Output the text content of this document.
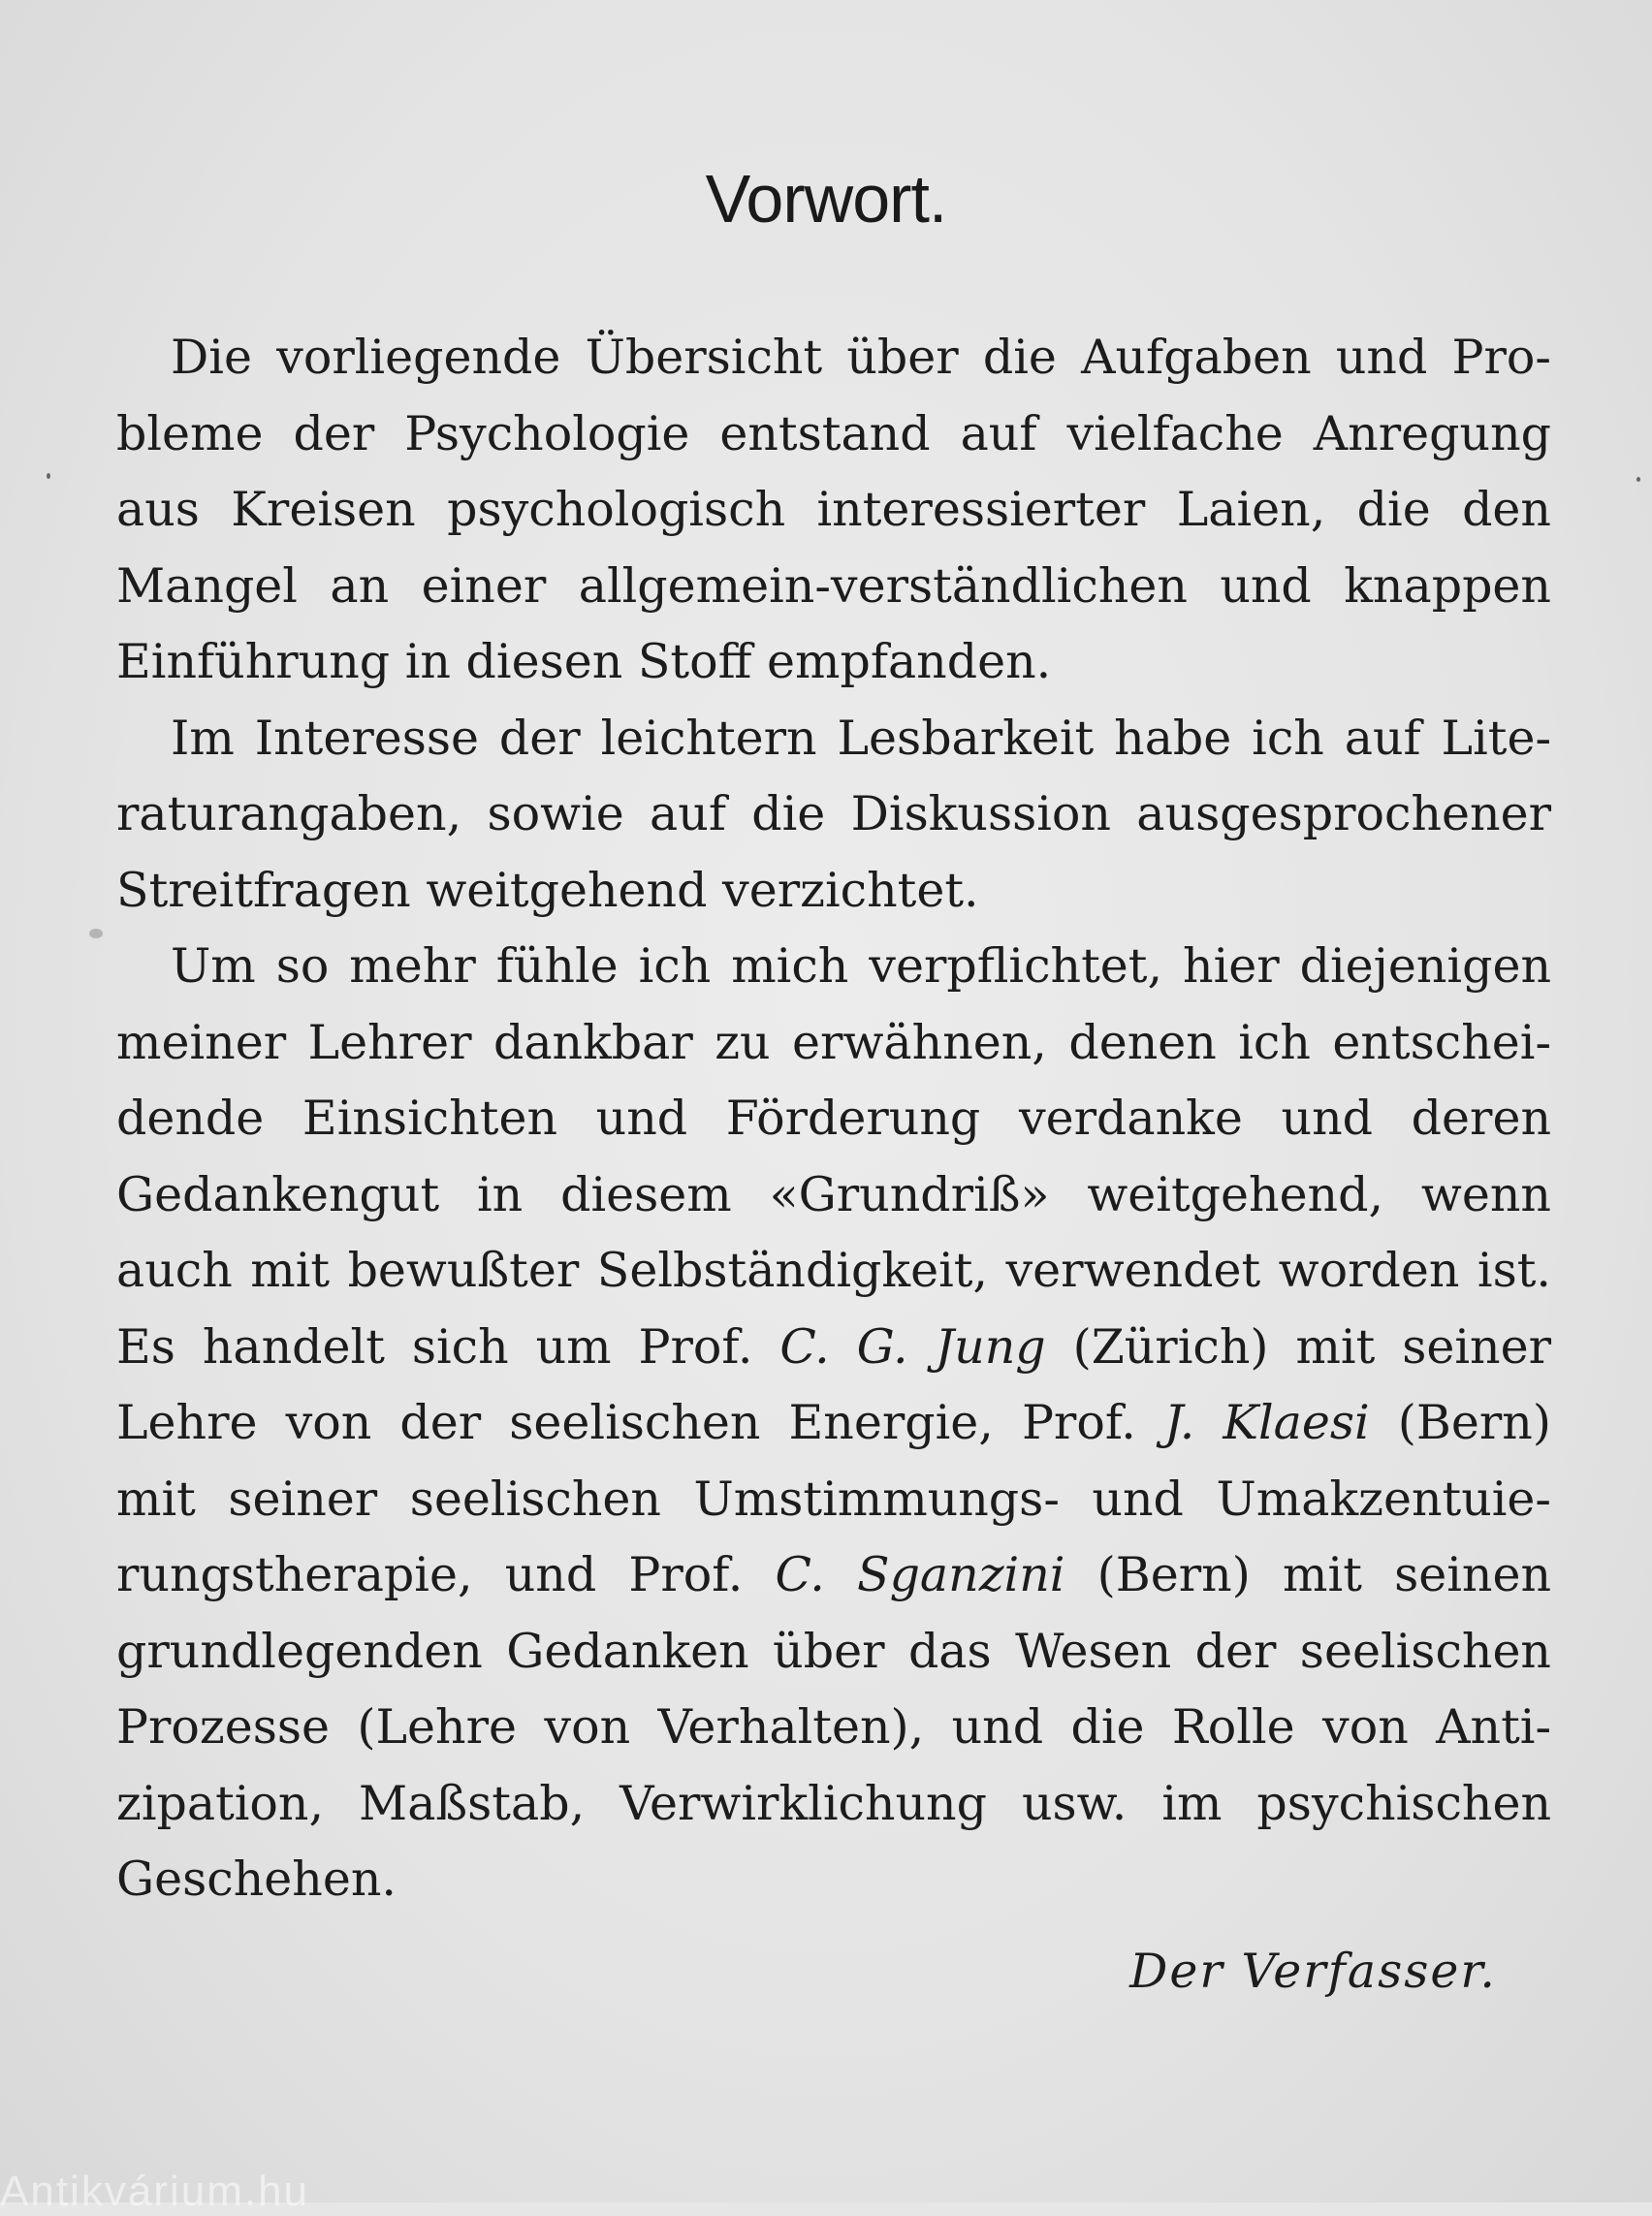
Vorwort.
Die vorliegende Übersicht über die Aufgaben und Pro-
bleme der Psychologie entstand auf vielfache Anregung
aus Kreisen psychologisch interessierter Laien, die den
Mangel an einer allgemein-verständlichen und knappen
Einführung in diesen Stoff empfanden.
Im Interesse der leichtern Lesbarkeit habe ich auf Lite-
raturangaben, sowie auf die Diskussion ausgesprochener
Streitfragen weitgehend verzichtet.
Um so mehr fühle ich mich verpflichtet, hier diejenigen
meiner Lehrer dankbar zu erwähnen, denen ich entschei-
dende Einsichten und Förderung verdanke und deren
Gedankengut in diesem «Grundriß» weitgehend, wenn
auch mit bewußter Selbständigkeit, verwendet worden ist.
Es handelt sich um Prof. C. G. Jung (Zürich) mit seiner
Lehre von der seelischen Energie, Prof. J. Klaesi (Bern)
mit seiner seelischen Umstimmungs- und Umakzentuie-
rungstherapie, und Prof. C. Sganzini (Bern) mit seinen
grundlegenden Gedanken über das Wesen der seelischen
Prozesse (Lehre von Verhalten), und die Rolle von Anti-
zipation, Maßstab, Verwirklichung usw. im psychischen
Geschehen.
Der Verfasser.
Antikvárium.hu
